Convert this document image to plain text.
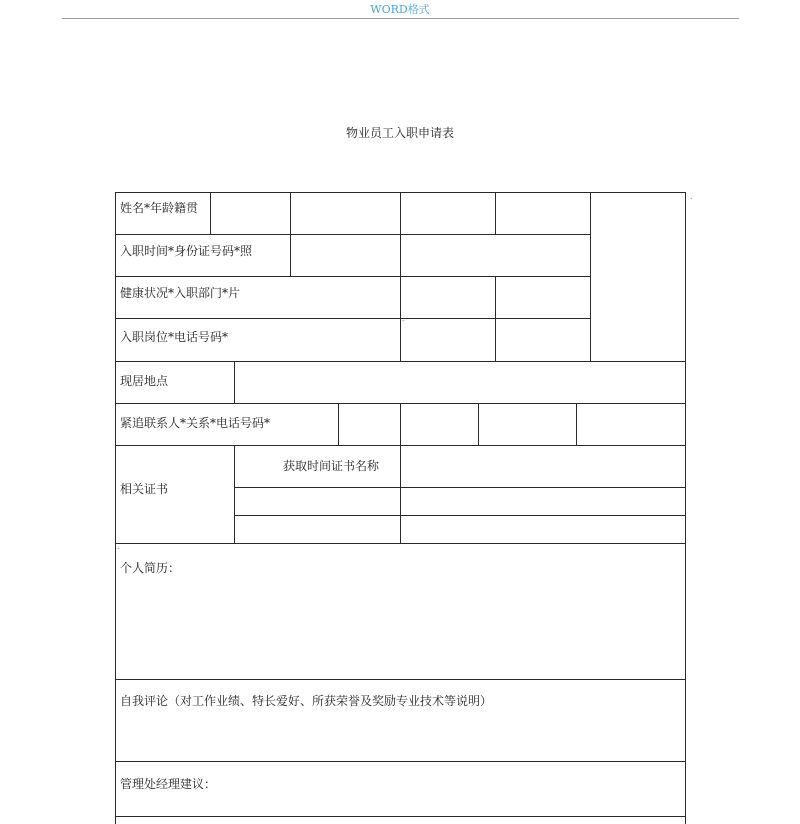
WORD格式
物业员工入职申请表
姓名*年龄籍贯
入职时间*身份证号码*照
健康状况*入职部门*片
入职岗位*电话号码*
现居地点
紧追联系人*关系*电话号码*
相关证书
获取时间证书名称
个人简历：
自我评论（对工作业绩、特长爱好、所获荣誉及奖励专业技术等说明）
管理处经理建议：
.
-
.
